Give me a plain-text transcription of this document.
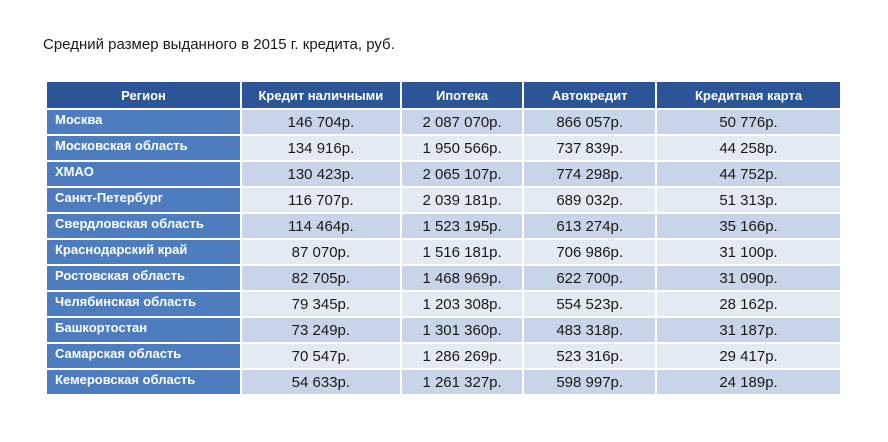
Средний размер выданного в 2015 г. кредита, руб.
Регион	Кредит наличными	Ипотека	Автокредит	Кредитная карта
Москва	146 704р.	2 087 070р.	866 057р.	50 776р.
Московская область	134 916р.	1 950 566р.	737 839р.	44 258р.
ХМАО	130 423р.	2 065 107р.	774 298р.	44 752р.
Санкт-Петербург	116 707р.	2 039 181р.	689 032р.	51 313р.
Свердловская область	114 464р.	1 523 195р.	613 274р.	35 166р.
Краснодарский край	87 070р.	1 516 181р.	706 986р.	31 100р.
Ростовская область	82 705р.	1 468 969р.	622 700р.	31 090р.
Челябинская область	79 345р.	1 203 308р.	554 523р.	28 162р.
Башкортостан	73 249р.	1 301 360р.	483 318р.	31 187р.
Самарская область	70 547р.	1 286 269р.	523 316р.	29 417р.
Кемеровская область	54 633р.	1 261 327р.	598 997р.	24 189р.
